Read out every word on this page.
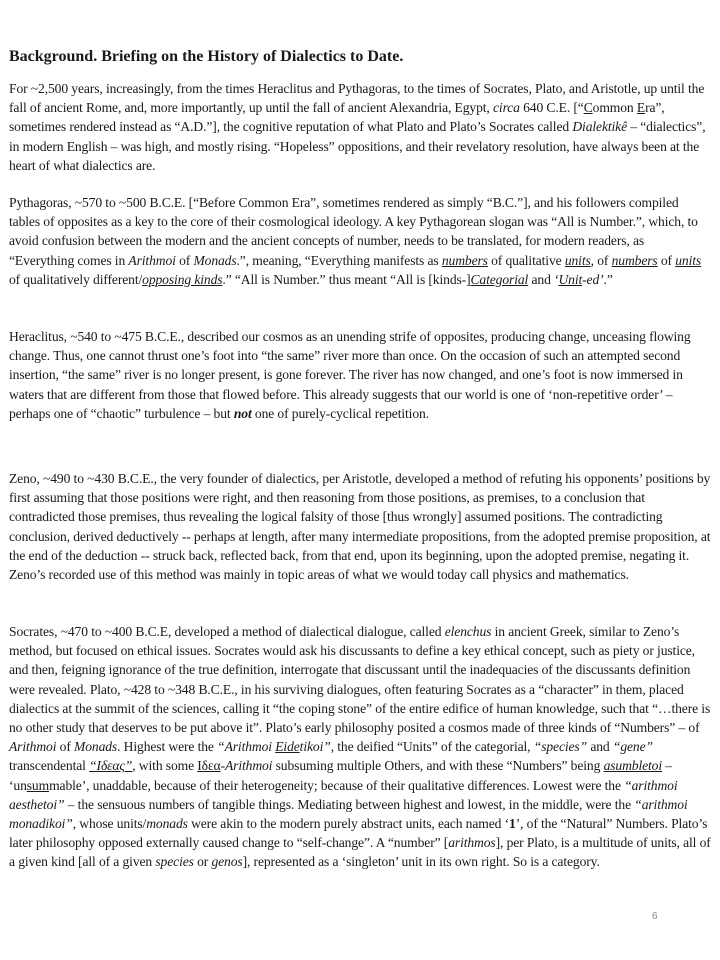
Background. Briefing on the History of Dialectics to Date.
For ~2,500 years, increasingly, from the times Heraclitus and Pythagoras, to the times of Socrates, Plato, and Aristotle, up until the fall of ancient Rome, and, more importantly, up until the fall of ancient Alexandria, Egypt, circa 640 C.E. [“Common Era”, sometimes rendered instead as “A.D.”], the cognitive reputation of what Plato and Plato’s Socrates called Dialektikê – “dialectics”, in modern English – was high, and mostly rising. “Hopeless” oppositions, and their revelatory resolution, have always been at the heart of what dialectics are.
Pythagoras, ~570 to ~500 B.C.E. [“Before Common Era”, sometimes rendered as simply “B.C.”], and his followers compiled tables of opposites as a key to the core of their cosmological ideology. A key Pythagorean slogan was “All is Number.”, which, to avoid confusion between the modern and the ancient concepts of number, needs to be translated, for modern readers, as “Everything comes in Arithmoi of Monads.”, meaning, “Everything manifests as numbers of qualitative units, of numbers of units of qualitatively different/opposing kinds.” “All is Number.” thus meant “All is [kinds-]Categorial and ‘Unit-ed’.”
Heraclitus, ~540 to ~475 B.C.E., described our cosmos as an unending strife of opposites, producing change, unceasing flowing change. Thus, one cannot thrust one’s foot into “the same” river more than once. On the occasion of such an attempted second insertion, “the same” river is no longer present, is gone forever. The river has now changed, and one’s foot is now immersed in waters that are different from those that flowed before. This already suggests that our world is one of ‘non-repetitive order’ – perhaps one of “chaotic” turbulence – but not one of purely-cyclical repetition.
Zeno, ~490 to ~430 B.C.E., the very founder of dialectics, per Aristotle, developed a method of refuting his opponents’ positions by first assuming that those positions were right, and then reasoning from those positions, as premises, to a conclusion that contradicted those premises, thus revealing the logical falsity of those [thus wrongly] assumed positions. The contradicting conclusion, derived deductively -- perhaps at length, after many intermediate propositions, from the adopted premise proposition, at the end of the deduction -- struck back, reflected back, from that end, upon its beginning, upon the adopted premise, negating it. Zeno’s recorded use of this method was mainly in topic areas of what we would today call physics and mathematics.
Socrates, ~470 to ~400 B.C.E, developed a method of dialectical dialogue, called elenchus in ancient Greek, similar to Zeno’s method, but focused on ethical issues. Socrates would ask his discussants to define a key ethical concept, such as piety or justice, and then, feigning ignorance of the true definition, interrogate that discussant until the inadequacies of the discussants definition were revealed. Plato, ~428 to ~348 B.C.E., in his surviving dialogues, often featuring Socrates as a “character” in them, placed dialectics at the summit of the sciences, calling it “the coping stone” of the entire edifice of human knowledge, such that “…there is no other study that deserves to be put above it”. Plato’s early philosophy posited a cosmos made of three kinds of “Numbers” – of Arithmoi of Monads. Highest were the “Arithmoi Eidetikoi”, the deified “Units” of the categorial, “species” and “gene” transcendental “Ιδεας”, with some Ιδεα-Arithmoi subsuming multiple Others, and with these “Numbers” being asumbletoi – ‘unsummable’, unaddable, because of their heterogeneity; because of their qualitative differences. Lowest were the “arithmoi aesthetoi” – the sensuous numbers of tangible things. Mediating between highest and lowest, in the middle, were the “arithmoi monadikoi”, whose units/monads were akin to the modern purely abstract units, each named ‘1’, of the “Natural” Numbers. Plato’s later philosophy opposed externally caused change to “self-change”. A “number” [arithmos], per Plato, is a multitude of units, all of a given kind [all of a given species or genos], represented as a ‘singleton’ unit in its own right. So is a category.
6
